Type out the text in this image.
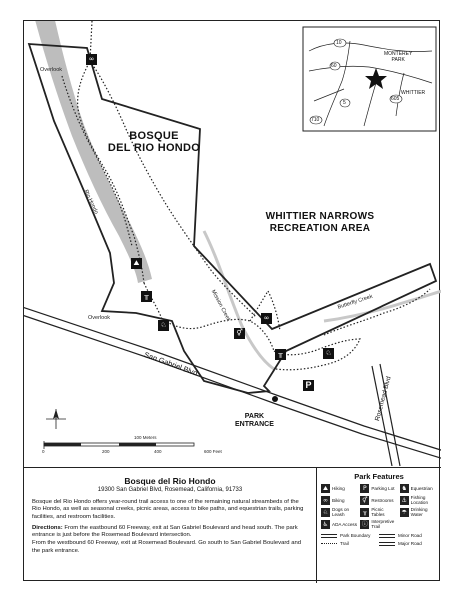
10
60
5
605
710
MONTEREY
PARK
WHITTIER
BOSQUE
DEL RIO HONDO
WHITTIER NARROWS
RECREATION AREA
Overlook
Overlook
Rio Hondo
Mission Creek	Butterfly Creek
San Gabriel Blvd
Rosemead Blvd
PARK
ENTRANCE
P
∞
∞
⛰
╥
⚥
╥	♘
♘
100 Meters
0	200	400	600 Feet
Bosque del Rio Hondo
19300 San Gabriel Blvd, Rosemead, California, 91733

Bosque del Rio Hondo offers year-round trail access to one of the remaining natural streambeds of the Rio Hondo, as well as seasonal creeks, picnic areas, access to bike paths, and equestrian trails, parking facilities, and restroom facilities.

Directions: From the eastbound 60 Freeway, exit at San Gabriel Boulevard and head south. The park entrance is just before the Rosemead Boulevard intersection.

From the westbound 60 Freeway, exit at Rosemead Boulevard. Go south to San Gabriel Boulevard and the park entrance.

Park Features
⛰ Hiking	P	Parking Lot ♞ Equestrian
∞ Biking	⚥ Restrooms ⚓ Fishing Location
♘ Dogs on Leash	╥	Picnic Tables	☂ Drinking Water
♿ ADA Access ⓘ Interpretive Trail
Park Boundary	Minor Road
Trail	Major Road
